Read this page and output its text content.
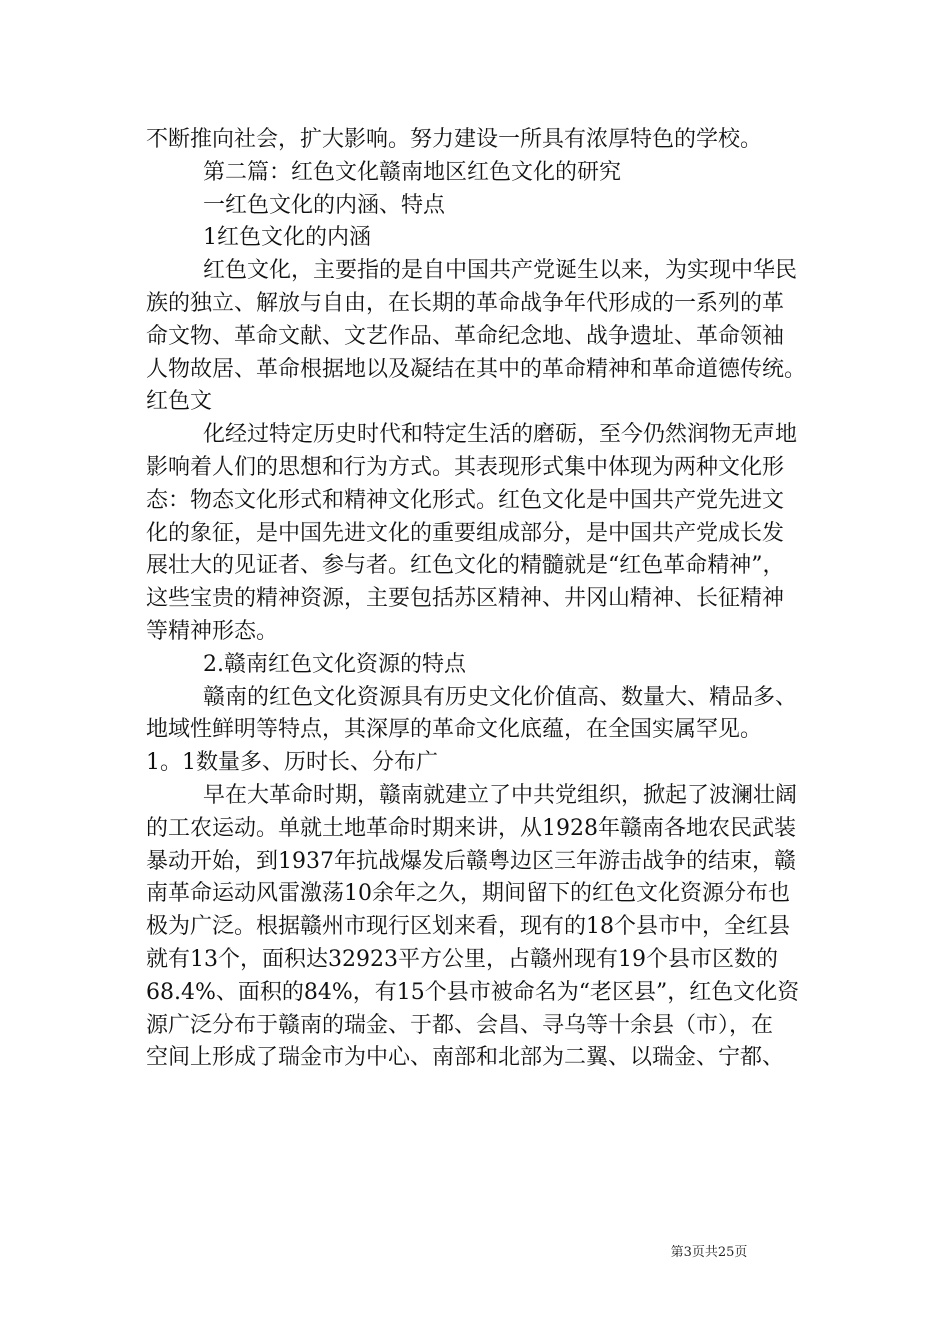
不断推向社会，扩大影响。努力建设一所具有浓厚特色的学校。
第二篇：红色文化赣南地区红色文化的研究
一红色文化的内涵、特点
1红色文化的内涵
红色文化，主要指的是自中国共产党诞生以来，为实现中华民
族的独立、解放与自由，在长期的革命战争年代形成的一系列的革
命文物、革命文献、文艺作品、革命纪念地、战争遗址、革命领袖
人物故居、革命根据地以及凝结在其中的革命精神和革命道德传统。
红色文
化经过特定历史时代和特定生活的磨砺，至今仍然润物无声地
影响着人们的思想和行为方式。其表现形式集中体现为两种文化形
态：物态文化形式和精神文化形式。红色文化是中国共产党先进文
化的象征，是中国先进文化的重要组成部分，是中国共产党成长发
展壮大的见证者、参与者。红色文化的精髓就是“红色革命精神”，
这些宝贵的精神资源，主要包括苏区精神、井冈山精神、长征精神
等精神形态。
2.赣南红色文化资源的特点
赣南的红色文化资源具有历史文化价值高、数量大、精品多、
地域性鲜明等特点，其深厚的革命文化底蕴，在全国实属罕见。
1。1数量多、历时长、分布广
早在大革命时期，赣南就建立了中共党组织，掀起了波澜壮阔
的工农运动。单就土地革命时期来讲，从1928年赣南各地农民武装
暴动开始，到1937年抗战爆发后赣粤边区三年游击战争的结束，赣
南革命运动风雷激荡10余年之久，期间留下的红色文化资源分布也
极为广泛。根据赣州市现行区划来看，现有的18个县市中，全红县
就有13个，面积达32923平方公里，占赣州现有19个县市区数的
68.4%、面积的84%，有15个县市被命名为“老区县”，红色文化资
源广泛分布于赣南的瑞金、于都、会昌、寻乌等十余县（市），在
空间上形成了瑞金市为中心、南部和北部为二翼、以瑞金、宁都、
第3页共25页
